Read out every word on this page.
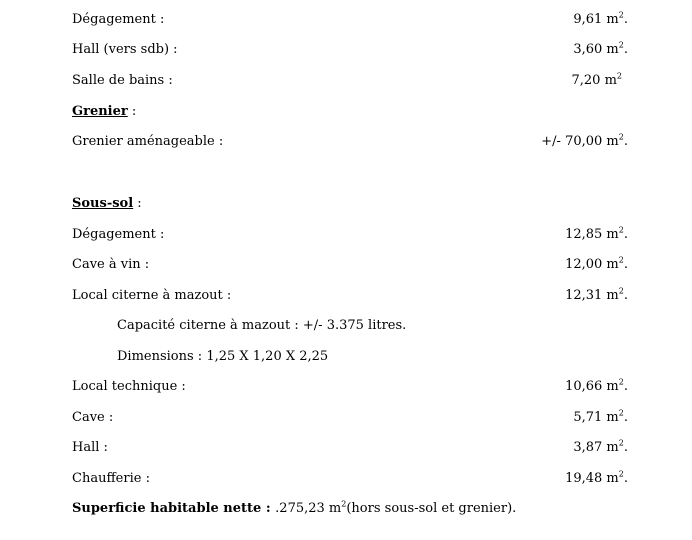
Dégagement :	9,61 $m^2$.
Hall (vers sdb) :	3,60 $m^2$.
Salle de bains :	7,20 $m^2$
Grenier :
Grenier aménageable :	+/- 70,00 $m^2$.
Sous-sol :
Dégagement :	12,85 $m^2$.
Cave à vin :	12,00 $m^2$.
Local citerne à mazout :	12,31 $m^2$.
Capacité citerne à mazout : +/- 3.375 litres.
Dimensions : 1,25 X 1,20 X 2,25
Local technique :	10,66 $m^2$.
Cave :	5,71 $m^2$.
Hall :	3,87 $m^2$.
Chaufferie :	19,48 $m^2$.
Superficie habitable nette : .275,23 $m^2(hors$ sous-sol et grenier).
